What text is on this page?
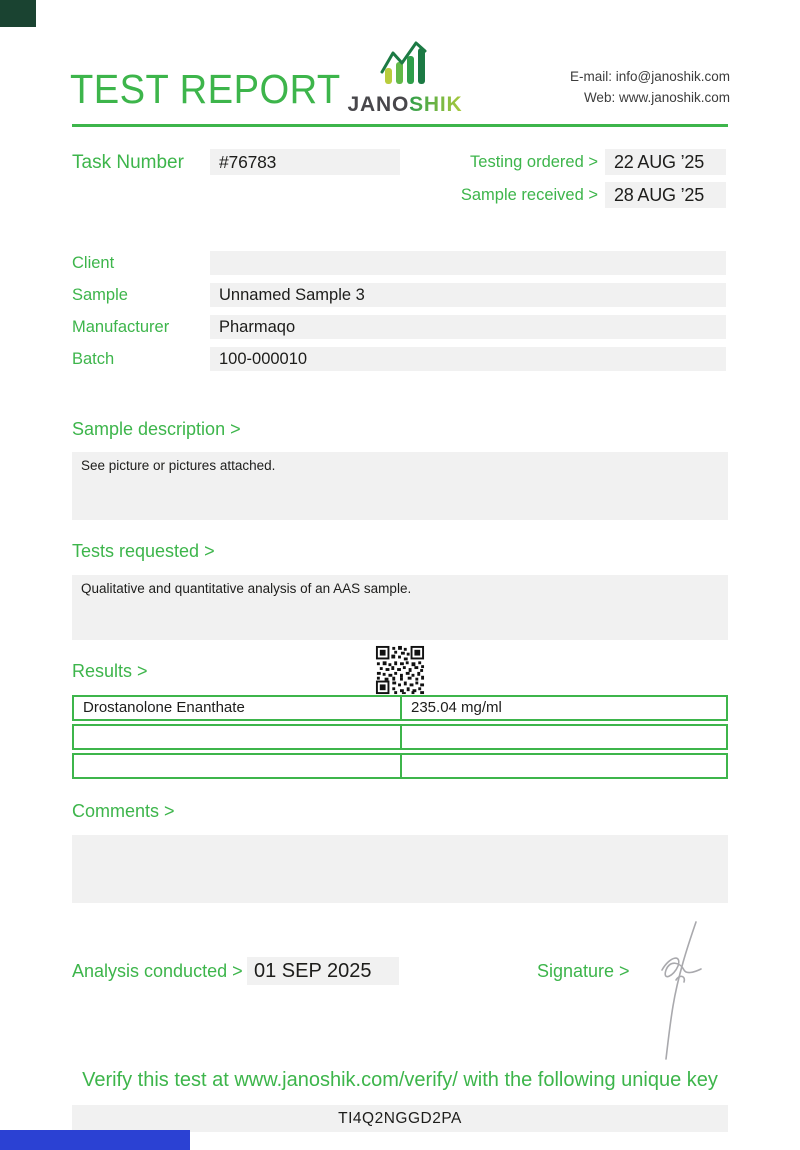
TEST REPORT JANOSHIK
E-mail: info@janoshik.com
Web: www.janoshik.com
Task Number	#76783	Testing ordered > 22 AUG ’25
Sample received > 28 AUG ’25
Client
Sample	Unnamed Sample 3
Manufacturer	Pharmaqo
Batch	100-000010
Sample description >
See picture or pictures attached.
Tests requested >
Qualitative and quantitative analysis of an AAS sample.
Results >
Drostanolone Enanthate	235.04 mg/ml
Comments >
Analysis conducted > 01 SEP 2025	Signature >
Verify this test at www.janoshik.com/verify/ with the following unique key
TI4Q2NGGD2PA
